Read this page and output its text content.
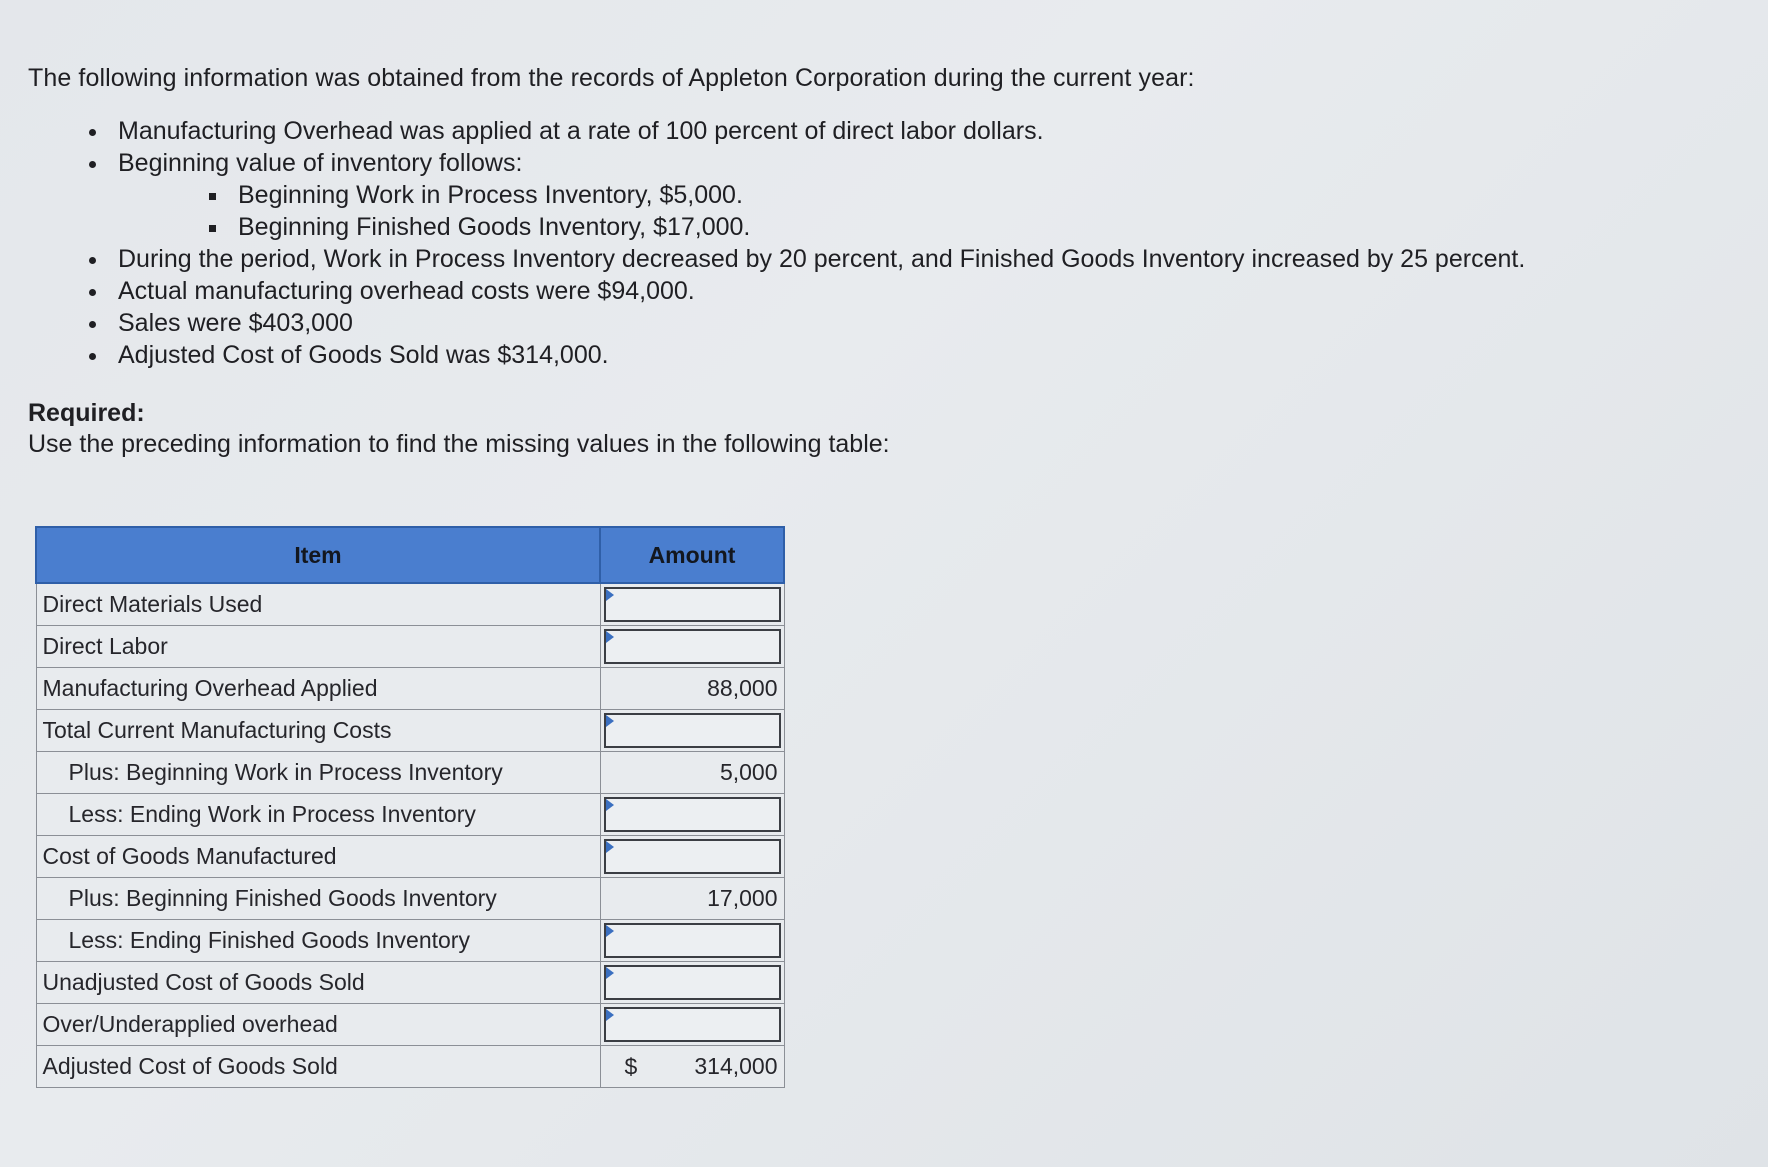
The following information was obtained from the records of Appleton Corporation during the current year:

• Manufacturing Overhead was applied at a rate of 100 percent of direct labor dollars.
• Beginning value of inventory follows:
▪ Beginning Work in Process Inventory, $5,000.
▪ Beginning Finished Goods Inventory, $17,000.
• During the period, Work in Process Inventory decreased by 20 percent, and Finished Goods Inventory increased by 25 percent.
• Actual manufacturing overhead costs were $94,000.
• Sales were $403,000
• Adjusted Cost of Goods Sold was $314,000.

Required:

Use the preceding information to find the missing values in the following table:

Item	Amount
Direct Materials Used	

Direct Labor	

Manufacturing Overhead Applied	88,000
Total Current Manufacturing Costs	

Plus: Beginning Work in Process Inventory	5,000
Less: Ending Work in Process Inventory	

Cost of Goods Manufactured	

Plus: Beginning Finished Goods Inventory	17,000
Less: Ending Finished Goods Inventory	

Unadjusted Cost of Goods Sold	

Over/Underapplied overhead	

Adjusted Cost of Goods Sold	$ 314,000
